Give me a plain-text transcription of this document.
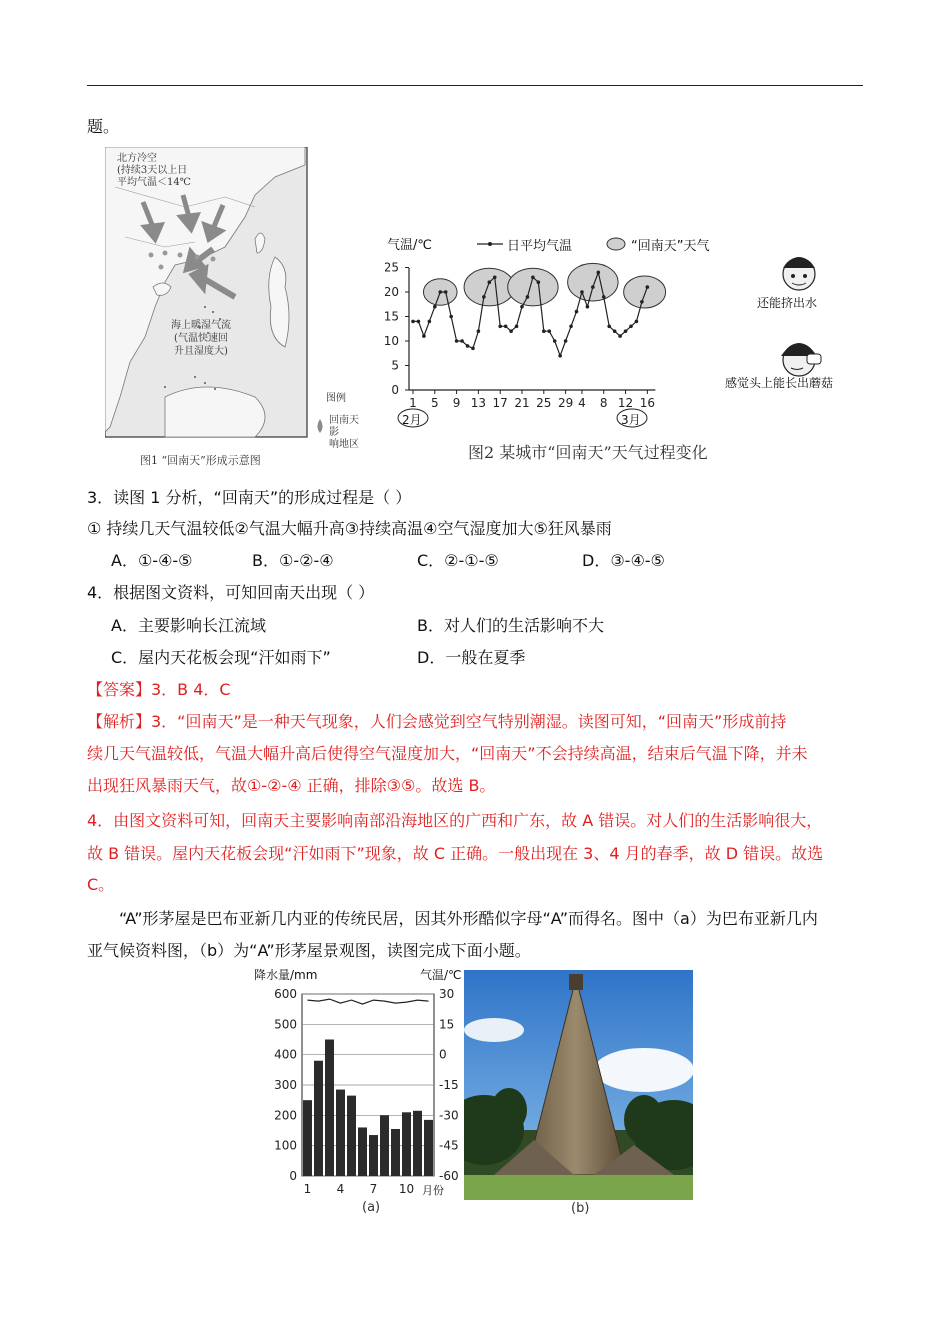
题。
北方冷空
(持续3天以上日
平均气温＜14℃
海上暖湿气流
(气温快速回
升且湿度大)
图例
回南天影
响地区
图1 “回南天”形成示意图
0
5
10
15
20
25
1 5 9 13 17 21 25 29 4 8 12 16
气温/℃	日平均气温	“回南天”天气
2月	3月
还能挤出水
感觉头上能长出蘑菇
图2 某城市“回南天”天气过程变化
3．读图 1 分析，“回南天”的形成过程是（ ）
① 持续几天气温较低②气温大幅升高③持续高温④空气湿度加大⑤狂风暴雨
A．①-④-⑤	B．①-②-④	C．②-①-⑤	D．③-④-⑤
4．根据图文资料，可知回南天出现（ ）
A．主要影响长江流域	B．对人们的生活影响不大
C．屋内天花板会现“汗如雨下”	D．一般在夏季
【答案】3．B 4．C
【解析】3．“回南天”是一种天气现象，人们会感觉到空气特别潮湿。读图可知，“回南天”形成前持
续几天气温较低，气温大幅升高后使得空气湿度加大，“回南天”不会持续高温，结束后气温下降，并未
出现狂风暴雨天气，故①-②-④ 正确，排除③⑤。故选 B。
4．由图文资料可知，回南天主要影响南部沿海地区的广西和广东，故 A 错误。对人们的生活影响很大，
故 B 错误。屋内天花板会现“汗如雨下”现象，故 C 正确。一般出现在 3、4 月的春季，故 D 错误。故选
C。
“A”形茅屋是巴布亚新几内亚的传统民居，因其外形酷似字母“A”而得名。图中（a）为巴布亚新几内
亚气候资料图，（b）为“A”形茅屋景观图，读图完成下面小题。
0
100
200
300
400
500
600
-60
-45
-30
-15
0
15
30
1 4 7 10
降水量/mm	气温/℃
月份
(a)	(b)
